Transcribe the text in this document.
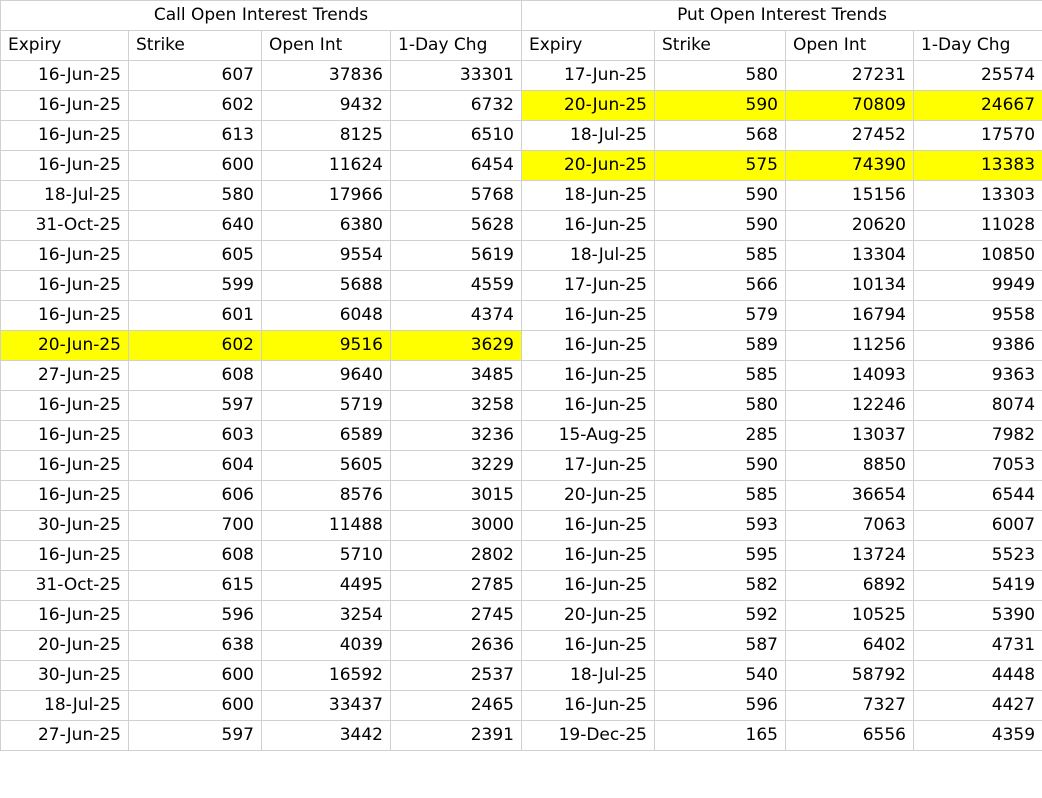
Call Open Interest Trends				Put Open Interest Trends			
Expiry	Strike	Open Int	1-Day Chg	Expiry	Strike	Open Int	1-Day Chg
16-Jun-25	607	37836	33301	17-Jun-25	580	27231	25574
16-Jun-25	602	9432	6732	20-Jun-25	590	70809	24667
16-Jun-25	613	8125	6510	18-Jul-25	568	27452	17570
16-Jun-25	600	11624	6454	20-Jun-25	575	74390	13383
18-Jul-25	580	17966	5768	18-Jun-25	590	15156	13303
31-Oct-25	640	6380	5628	16-Jun-25	590	20620	11028
16-Jun-25	605	9554	5619	18-Jul-25	585	13304	10850
16-Jun-25	599	5688	4559	17-Jun-25	566	10134	9949
16-Jun-25	601	6048	4374	16-Jun-25	579	16794	9558
20-Jun-25	602	9516	3629	16-Jun-25	589	11256	9386
27-Jun-25	608	9640	3485	16-Jun-25	585	14093	9363
16-Jun-25	597	5719	3258	16-Jun-25	580	12246	8074
16-Jun-25	603	6589	3236	15-Aug-25	285	13037	7982
16-Jun-25	604	5605	3229	17-Jun-25	590	8850	7053
16-Jun-25	606	8576	3015	20-Jun-25	585	36654	6544
30-Jun-25	700	11488	3000	16-Jun-25	593	7063	6007
16-Jun-25	608	5710	2802	16-Jun-25	595	13724	5523
31-Oct-25	615	4495	2785	16-Jun-25	582	6892	5419
16-Jun-25	596	3254	2745	20-Jun-25	592	10525	5390
20-Jun-25	638	4039	2636	16-Jun-25	587	6402	4731
30-Jun-25	600	16592	2537	18-Jul-25	540	58792	4448
18-Jul-25	600	33437	2465	16-Jun-25	596	7327	4427
27-Jun-25	597	3442	2391	19-Dec-25	165	6556	4359
